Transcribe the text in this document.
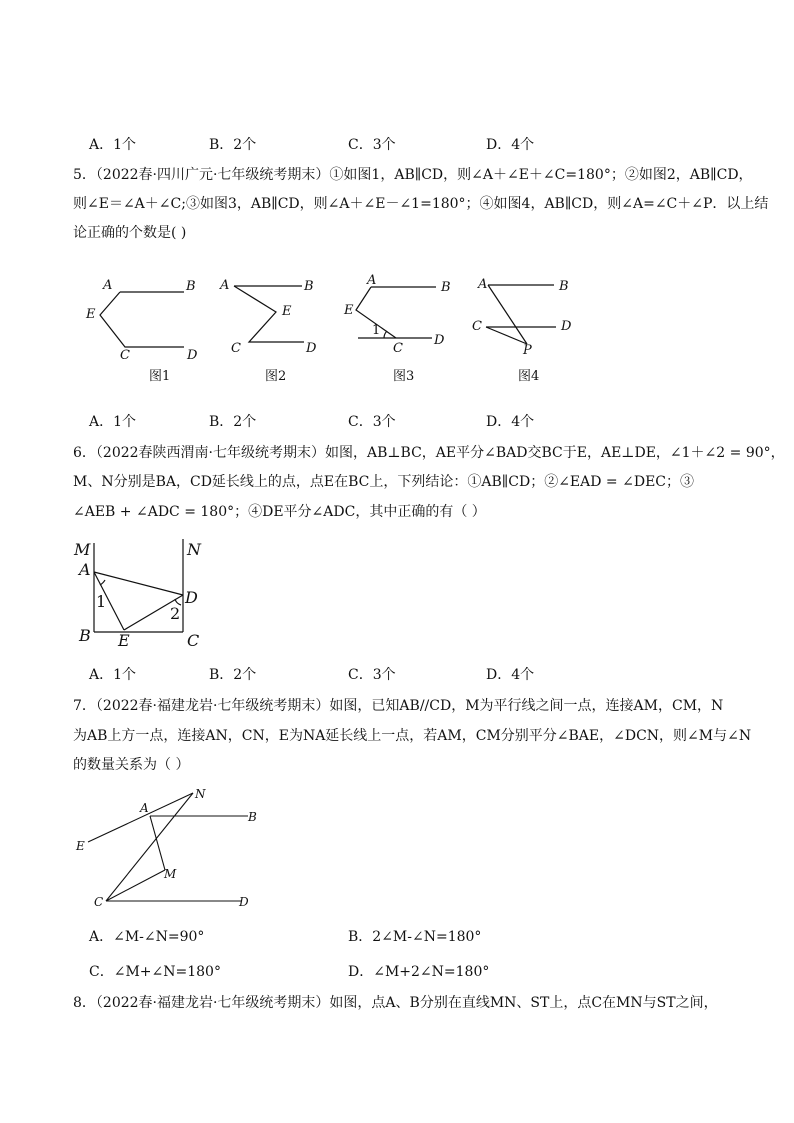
A．1个	B．2个	C．3个	D．4个
5．（2022春·四川广元·七年级统考期末）①如图1，AB∥CD，则∠A＋∠E＋∠C=180°；②如图2，AB∥CD，
则∠E＝∠A＋∠C;③如图3，AB∥CD，则∠A＋∠E－∠1=180°；④如图4，AB∥CD，则∠A=∠C＋∠P．以上结
论正确的个数是( )
A	B
E
C	D
图1
A	B
E
C	D
图2
A	B
E
1
C
D
图3
A	B
C	D
P
图4
A．1个	B．2个	C．3个	D．4个
6．（2022春陕西渭南·七年级统考期末）如图，AB⊥BC，AE平分∠BAD交BC于E，AE⊥DE，∠1＋∠2 = 90°，
M、N分别是BA，CD延长线上的点，点E在BC上，下列结论：①AB∥CD；②∠EAD = ∠DEC；③
∠AEB + ∠ADC = 180°；④DE平分∠ADC，其中正确的有（ ）
M	N
A
1	D
2
B E	C
A．1个	B．2个	C．3个	D．4个
7．（2022春·福建龙岩·七年级统考期末）如图，已知AB//CD，M为平行线之间一点，连接AM，CM，N
为AB上方一点，连接AN，CN，E为NA延长线上一点，若AM，CM分别平分∠BAE，∠DCN，则∠M与∠N
的数量关系为（ ）
N
A
B
E
M
C	D
A．∠M-∠N=90°	B．2∠M-∠N=180°
C．∠M+∠N=180°	D．∠M+2∠N=180°
8．（2022春·福建龙岩·七年级统考期末）如图，点A、B分别在直线MN、ST上，点C在MN与ST之间，
